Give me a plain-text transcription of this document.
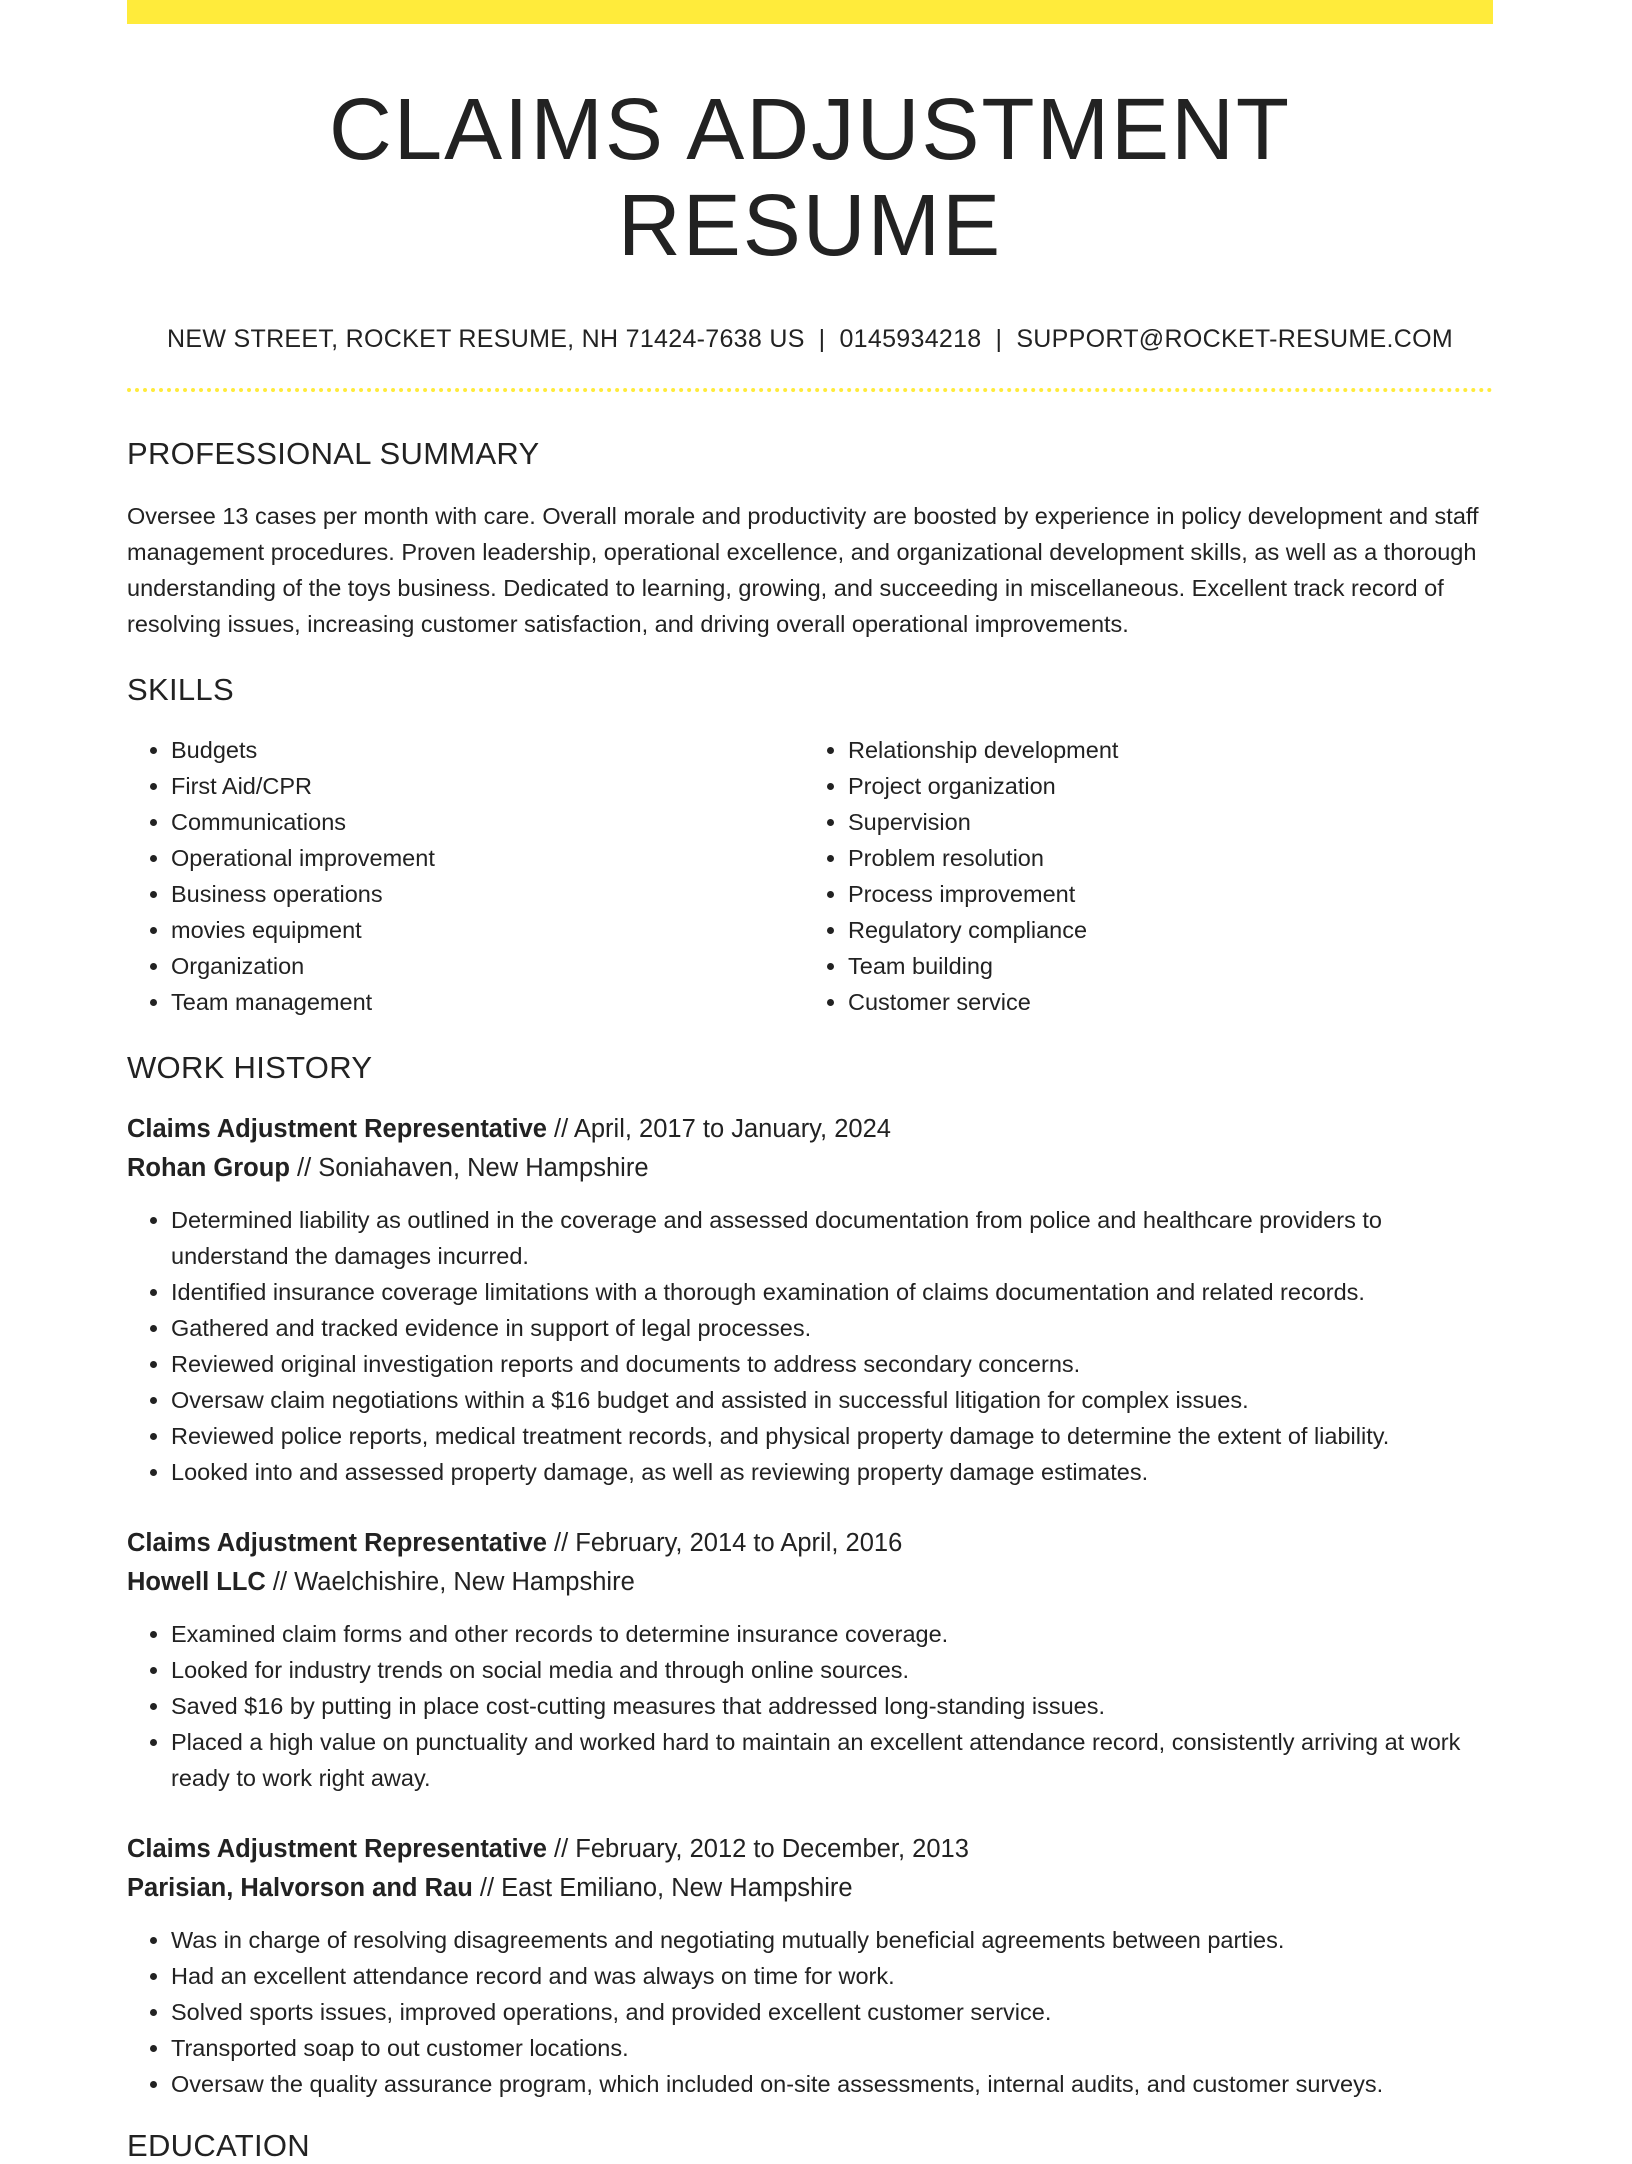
CLAIMS ADJUSTMENT RESUME
NEW STREET, ROCKET RESUME, NH 71424-7638 US | 0145934218 | SUPPORT@ROCKET-RESUME.COM
PROFESSIONAL SUMMARY

Oversee 13 cases per month with care. Overall morale and productivity are boosted by experience in policy development and staff management procedures. Proven leadership, operational excellence, and organizational development skills, as well as a thorough understanding of the toys business. Dedicated to learning, growing, and succeeding in miscellaneous. Excellent track record of resolving issues, increasing customer satisfaction, and driving overall operational improvements.

SKILLS
• Budgets
• First Aid/CPR
• Communications
• Operational improvement
• Business operations
• movies equipment
• Organization
• Team management
• Relationship development
• Project organization
• Supervision
• Problem resolution
• Process improvement
• Regulatory compliance
• Team building
• Customer service
WORK HISTORY
Claims Adjustment Representative // April, 2017 to January, 2024
Rohan Group // Soniahaven, New Hampshire
• Determined liability as outlined in the coverage and assessed documentation from police and healthcare providers to understand the damages incurred.
• Identified insurance coverage limitations with a thorough examination of claims documentation and related records.
• Gathered and tracked evidence in support of legal processes.
• Reviewed original investigation reports and documents to address secondary concerns.
• Oversaw claim negotiations within a $16 budget and assisted in successful litigation for complex issues.
• Reviewed police reports, medical treatment records, and physical property damage to determine the extent of liability.
• Looked into and assessed property damage, as well as reviewing property damage estimates.
Claims Adjustment Representative // February, 2014 to April, 2016
Howell LLC // Waelchishire, New Hampshire
• Examined claim forms and other records to determine insurance coverage.
• Looked for industry trends on social media and through online sources.
• Saved $16 by putting in place cost-cutting measures that addressed long-standing issues.
• Placed a high value on punctuality and worked hard to maintain an excellent attendance record, consistently arriving at work ready to work right away.
Claims Adjustment Representative // February, 2012 to December, 2013
Parisian, Halvorson and Rau // East Emiliano, New Hampshire
• Was in charge of resolving disagreements and negotiating mutually beneficial agreements between parties.
• Had an excellent attendance record and was always on time for work.
• Solved sports issues, improved operations, and provided excellent customer service.
• Transported soap to out customer locations.
• Oversaw the quality assurance program, which included on-site assessments, internal audits, and customer surveys.
EDUCATION
